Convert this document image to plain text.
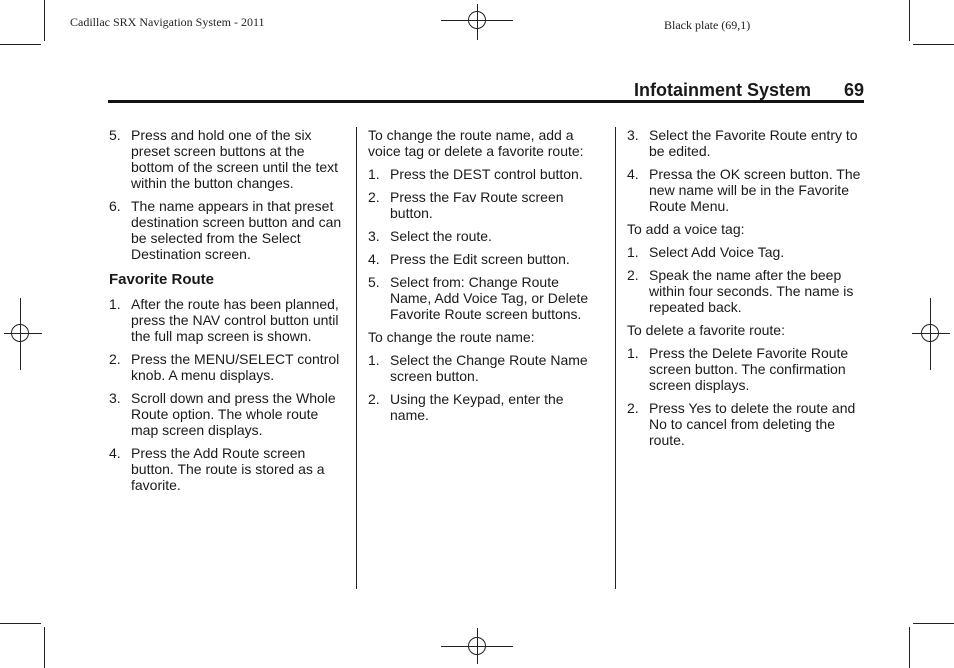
Cadillac SRX Navigation System - 2011	Black plate (69,1)
Infotainment System 69
5. Press and hold one of the six preset screen buttons at the bottom of the screen until the text within the button changes.
6. The name appears in that preset destination screen button and can be selected from the Select Destination screen.
Favorite Route
1. After the route has been planned, press the NAV control button until the full map screen is shown.
2. Press the MENU/SELECT control knob. A menu displays.
3. Scroll down and press the Whole Route option. The whole route map screen displays.
4. Press the Add Route screen button. The route is stored as a favorite.
To change the route name, add a voice tag or delete a favorite route:
1. Press the DEST control button.
2. Press the Fav Route screen button.
3. Select the route.
4. Press the Edit screen button.
5. Select from: Change Route Name, Add Voice Tag, or Delete Favorite Route screen buttons.
To change the route name:
1. Select the Change Route Name screen button.
2. Using the Keypad, enter the name.
3. Select the Favorite Route entry to be edited.
4. Pressa the OK screen button. The new name will be in the Favorite Route Menu.
To add a voice tag:
1. Select Add Voice Tag.
2. Speak the name after the beep within four seconds. The name is repeated back.
To delete a favorite route:
1. Press the Delete Favorite Route screen button. The confirmation screen displays.
2. Press Yes to delete the route and No to cancel from deleting the route.
